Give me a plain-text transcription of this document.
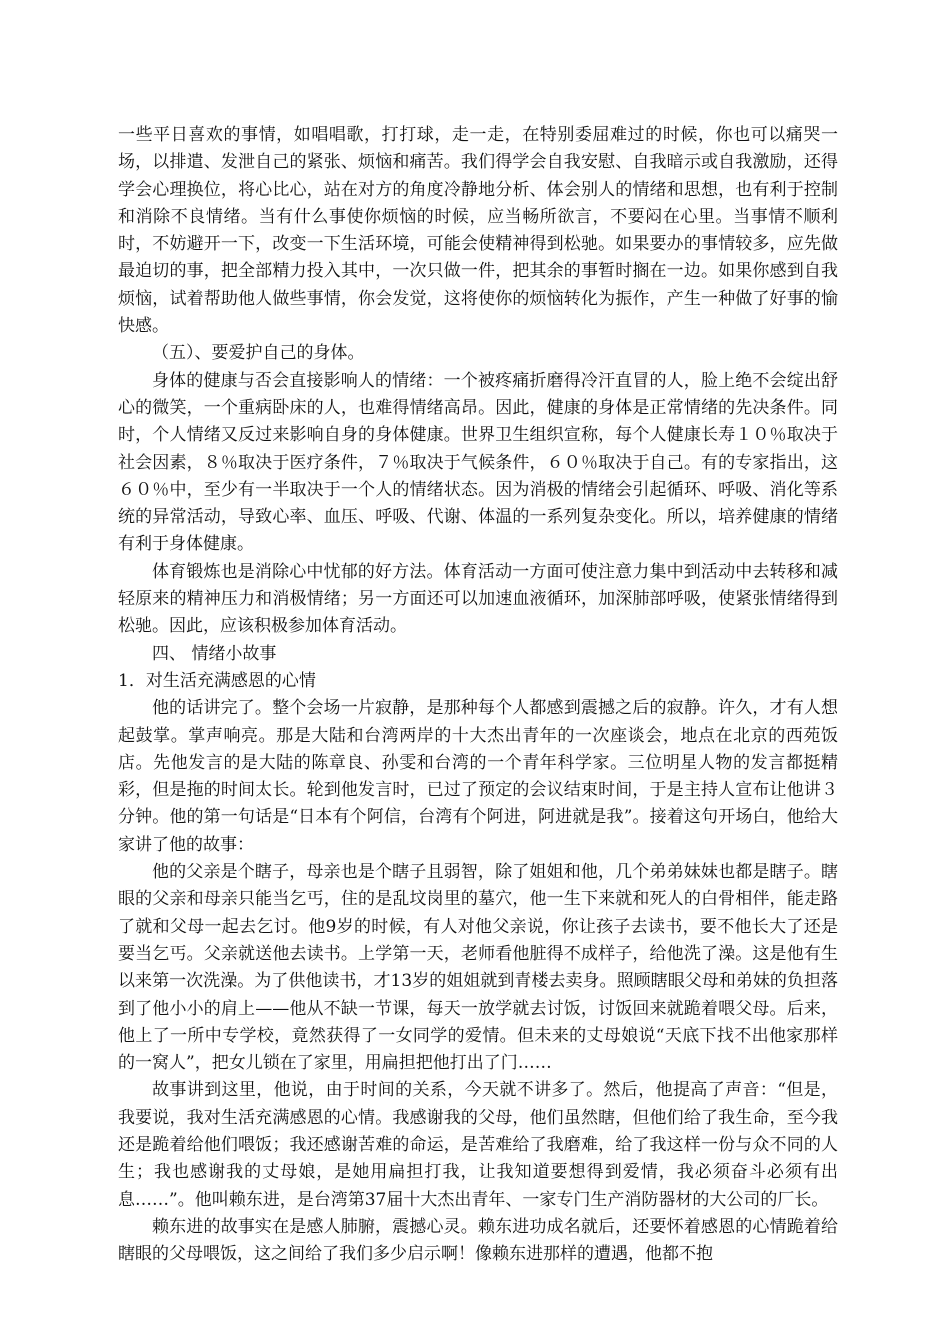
一些平日喜欢的事情，如唱唱歌，打打球，走一走，在特别委屈难过的时候，你也可以痛哭一场，以排遣、发泄自己的紧张、烦恼和痛苦。我们得学会自我安慰、自我暗示或自我激励，还得学会心理换位，将心比心，站在对方的角度冷静地分析、体会别人的情绪和思想，也有利于控制和消除不良情绪。当有什么事使你烦恼的时候，应当畅所欲言，不要闷在心里。当事情不顺利时，不妨避开一下，改变一下生活环境，可能会使精神得到松驰。如果要办的事情较多，应先做最迫切的事，把全部精力投入其中，一次只做一件，把其余的事暂时搁在一边。如果你感到自我烦恼，试着帮助他人做些事情，你会发觉，这将使你的烦恼转化为振作，产生一种做了好事的愉快感。

（五）、要爱护自己的身体。

身体的健康与否会直接影响人的情绪：一个被疼痛折磨得冷汗直冒的人，脸上绝不会绽出舒心的微笑，一个重病卧床的人，也难得情绪高昂。因此，健康的身体是正常情绪的先决条件。同时，个人情绪又反过来影响自身的身体健康。世界卫生组织宣称，每个人健康长寿１０％取决于社会因素，８％取决于医疗条件，７％取决于气候条件，６０％取决于自己。有的专家指出，这６０％中，至少有一半取决于一个人的情绪状态。因为消极的情绪会引起循环、呼吸、消化等系统的异常活动，导致心率、血压、呼吸、代谢、体温的一系列复杂变化。所以，培养健康的情绪有利于身体健康。

体育锻炼也是消除心中忧郁的好方法。体育活动一方面可使注意力集中到活动中去转移和减轻原来的精神压力和消极情绪；另一方面还可以加速血液循环，加深肺部呼吸，使紧张情绪得到松驰。因此，应该积极参加体育活动。

四、 情绪小故事

1．对生活充满感恩的心情

他的话讲完了。整个会场一片寂静，是那种每个人都感到震撼之后的寂静。许久，才有人想起鼓掌。掌声响亮。那是大陆和台湾两岸的十大杰出青年的一次座谈会，地点在北京的西苑饭店。先他发言的是大陆的陈章良、孙雯和台湾的一个青年科学家。三位明星人物的发言都挺精彩，但是拖的时间太长。轮到他发言时，已过了预定的会议结束时间，于是主持人宣布让他讲３分钟。他的第一句话是“日本有个阿信，台湾有个阿进，阿进就是我”。接着这句开场白，他给大家讲了他的故事：

他的父亲是个瞎子，母亲也是个瞎子且弱智，除了姐姐和他，几个弟弟妹妹也都是瞎子。瞎眼的父亲和母亲只能当乞丐，住的是乱坟岗里的墓穴，他一生下来就和死人的白骨相伴，能走路了就和父母一起去乞讨。他9岁的时候，有人对他父亲说，你让孩子去读书，要不他长大了还是要当乞丐。父亲就送他去读书。上学第一天，老师看他脏得不成样子，给他洗了澡。这是他有生以来第一次洗澡。为了供他读书，才13岁的姐姐就到青楼去卖身。照顾瞎眼父母和弟妹的负担落到了他小小的肩上——他从不缺一节课，每天一放学就去讨饭，讨饭回来就跪着喂父母。后来，他上了一所中专学校，竟然获得了一女同学的爱情。但未来的丈母娘说“天底下找不出他家那样的一窝人”，把女儿锁在了家里，用扁担把他打出了门……

故事讲到这里，他说，由于时间的关系，今天就不讲多了。然后，他提高了声音：“但是，我要说，我对生活充满感恩的心情。我感谢我的父母，他们虽然瞎，但他们给了我生命，至今我还是跪着给他们喂饭；我还感谢苦难的命运，是苦难给了我磨难，给了我这样一份与众不同的人生；我也感谢我的丈母娘，是她用扁担打我，让我知道要想得到爱情，我必须奋斗必须有出息……”。他叫赖东进，是台湾第37届十大杰出青年、一家专门生产消防器材的大公司的厂长。

赖东进的故事实在是感人肺腑，震撼心灵。赖东进功成名就后，还要怀着感恩的心情跪着给瞎眼的父母喂饭，这之间给了我们多少启示啊！像赖东进那样的遭遇，他都不抱
